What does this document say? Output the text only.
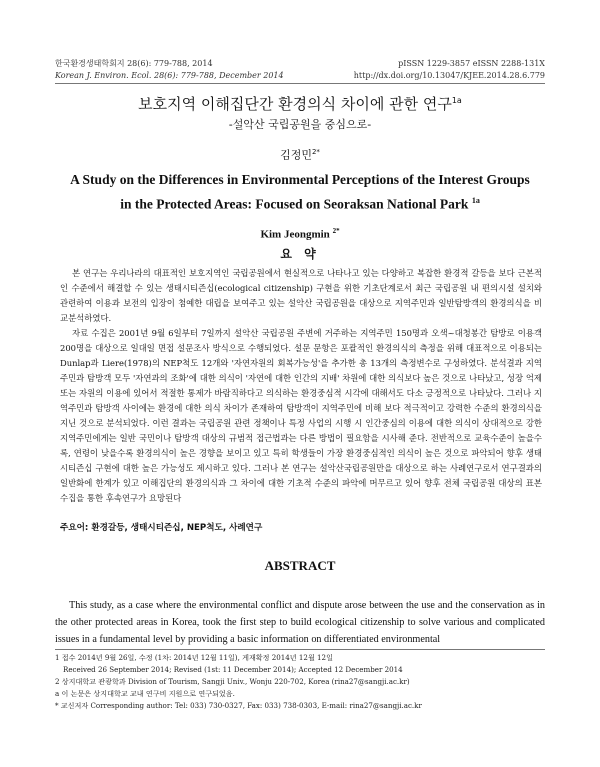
한국환경생태학회지 28(6): 779-788, 2014
Korean J. Environ. Ecol. 28(6): 779-788, December 2014
pISSN 1229-3857 eISSN 2288-131X
http://dx.doi.org/10.13047/KJEE.2014.28.6.779
보호지역 이해집단간 환경의식 차이에 관한 연구$^{1a}$
-설악산 국립공원을 중심으로-
김정민$^{2*}$
A Study on the Differences in Environmental Perceptions of the Interest Groups
in the Protected Areas: Focused on Seoraksan National Park $^{1a}$
Kim Jeongmin $^{2*}$
요 약

본 연구는 우리나라의 대표적인 보호지역인 국립공원에서 현실적으로 나타나고 있는 다양하고 복잡한 환경적 갈등을 보다 근본적인 수준에서 해결할 수 있는 생태시티즌십(ecological citizenship) 구현을 위한 기초단계로서 최근 국립공원 내 편의시설 설치와 관련하여 이용과 보전의 입장이 첨예한 대립을 보여주고 있는 설악산 국립공원을 대상으로 지역주민과 일반탐방객의 환경의식을 비교분석하였다.

자료 수집은 2001년 9월 6일부터 7일까지 설악산 국립공원 주변에 거주하는 지역주민 150명과 오색~대청봉간 탐방로 이용객 200명을 대상으로 일대일 면접 설문조사 방식으로 수행되었다. 설문 문항은 포괄적인 환경의식의 측정을 위해 대표적으로 이용되는 Dunlap과 Liere(1978)의 NEP척도 12개와 '자연자원의 회복가능성'을 추가한 총 13개의 측정변수로 구성하였다. 분석결과 지역주민과 탐방객 모두 '자연과의 조화'에 대한 의식이 '자연에 대한 인간의 지배' 차원에 대한 의식보다 높은 것으로 나타났고, 성장 억제 또는 자원의 이용에 있어서 적절한 통제가 바람직하다고 의식하는 환경중심적 시각에 대해서도 다소 긍정적으로 나타났다. 그러나 지역주민과 탐방객 사이에는 환경에 대한 의식 차이가 존재하여 탐방객이 지역주민에 비해 보다 적극적이고 강력한 수준의 환경의식을 지닌 것으로 분석되었다. 이런 결과는 국립공원 관련 정책이나 특정 사업의 시행 시 인간중심의 이용에 대한 의식이 상대적으로 강한 지역주민에게는 일반 국민이나 탐방객 대상의 규범적 접근법과는 다른 방법이 필요함을 시사해 준다. 전반적으로 교육수준이 높을수록, 연령이 낮을수록 환경의식이 높은 경향을 보이고 있고 특히 학생들이 가장 환경중심적인 의식이 높은 것으로 파악되어 향후 생태시티즌십 구현에 대한 높은 가능성도 제시하고 있다. 그러나 본 연구는 설악산국립공원만을 대상으로 하는 사례연구로서 연구결과의 일반화에 한계가 있고 이해집단의 환경의식과 그 차이에 대한 기초적 수준의 파악에 머무르고 있어 향후 전체 국립공원 대상의 표본 수집을 통한 후속연구가 요망된다

주요어: 환경갈등, 생태시티즌십, NEP척도, 사례연구
ABSTRACT

This study, as a case where the environmental conflict and dispute arose between the use and the conservation as in the other protected areas in Korea, took the first step to build ecological citizenship to solve various and complicated issues in a fundamental level by providing a basic information on differentiated environmental

1 접수 2014년 9월 26일, 수정 (1차: 2014년 12월 11일), 게재확정 2014년 12월 12일
Received 26 September 2014; Revised (1st: 11 December 2014); Accepted 12 December 2014
2 상지대학교 관광학과 Division of Tourism, Sangji Univ., Wonju 220-702, Korea (rina27@sangji.ac.kr)
a 이 논문은 상지대학교 교내 연구비 지원으로 연구되었음.
* 교신저자 Corresponding author: Tel: 033) 730-0327, Fax: 033) 738-0303, E-mail: rina27@sangji.ac.kr
